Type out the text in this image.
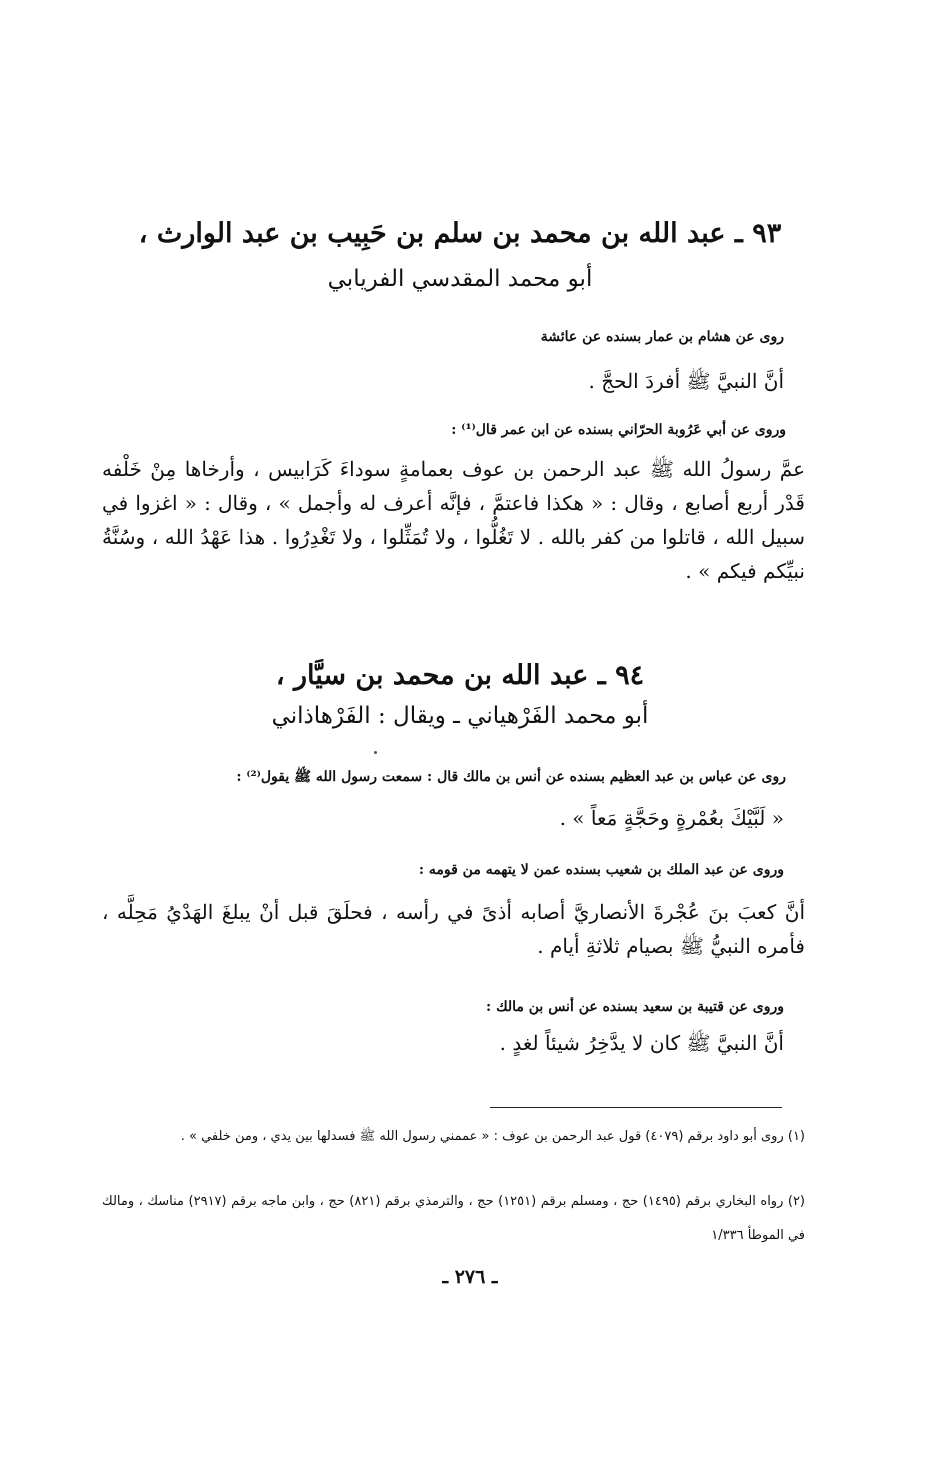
٩٣ ـ عبد الله بن محمد بن سلم بن حَبِيب بن عبد الوارث ،
أبو محمد المقدسي الفريابي
روى عن هشام بن عمار بسنده عن عائشة
أنَّ النبيَّ ﷺ أفردَ الحجَّ .
وروى عن أبي عَرُوبة الحرّاني بسنده عن ابن عمر قال⁽¹⁾ :
عمَّ رسولُ الله ﷺ عبد الرحمن بن عوف بعمامةٍ سوداءَ كَرَابيس ، وأرخاها مِنْ خَلْفه قَدْر أربع أصابع ، وقال : « هكذا فاعتمَّ ، فإنَّه أعرف له وأجمل » ، وقال : « اغزوا في سبيل الله ، قاتلوا من كفر بالله . لا تَغُلُّوا ، ولا تُمَثِّلوا ، ولا تَغْدِرُوا . هذا عَهْدُ الله ، وسُنَّةُ نبيِّكم فيكم » .
٩٤ ـ عبد الله بن محمد بن سيَّار ،
أبو محمد الفَرْهياني ـ ويقال : الفَرْهاذاني
روى عن عباس بن عبد العظيم بسنده عن أنس بن مالك قال : سمعت رسول الله ﷺ يقول⁽²⁾ :
« لَبَّيْكَ بعُمْرةٍ وحَجَّةٍ مَعاً » .
وروى عن عبد الملك بن شعيب بسنده عمن لا يتهمه من قومه :
أنَّ كعبَ بنَ عُجْرةَ الأنصاريَّ أصابه أذىً في رأسه ، فحلَقَ قبل أنْ يبلغَ الهَدْيُ مَحِلَّه ، فأمره النبيُّ ﷺ بصيام ثلاثةِ أيام .
وروى عن قتيبة بن سعيد بسنده عن أنس بن مالك :
أنَّ النبيَّ ﷺ كان لا يدَّخِرُ شيئاً لغدٍ .
(١) روى أبو داود برقم (٤٠٧٩) قول عبد الرحمن بن عوف : « عممني رسول الله ﷺ فسدلها بين يدي ، ومن خلفي » .
(٢) رواه البخاري برقم (١٤٩٥) حج ، ومسلم برقم (١٢٥١) حج ، والترمذي برقم (٨٢١) حج ، وابن ماجه برقم (٢٩١٧) مناسك ، ومالك في الموطأ ١/٣٣٦
ـ ٢٧٦ ـ
